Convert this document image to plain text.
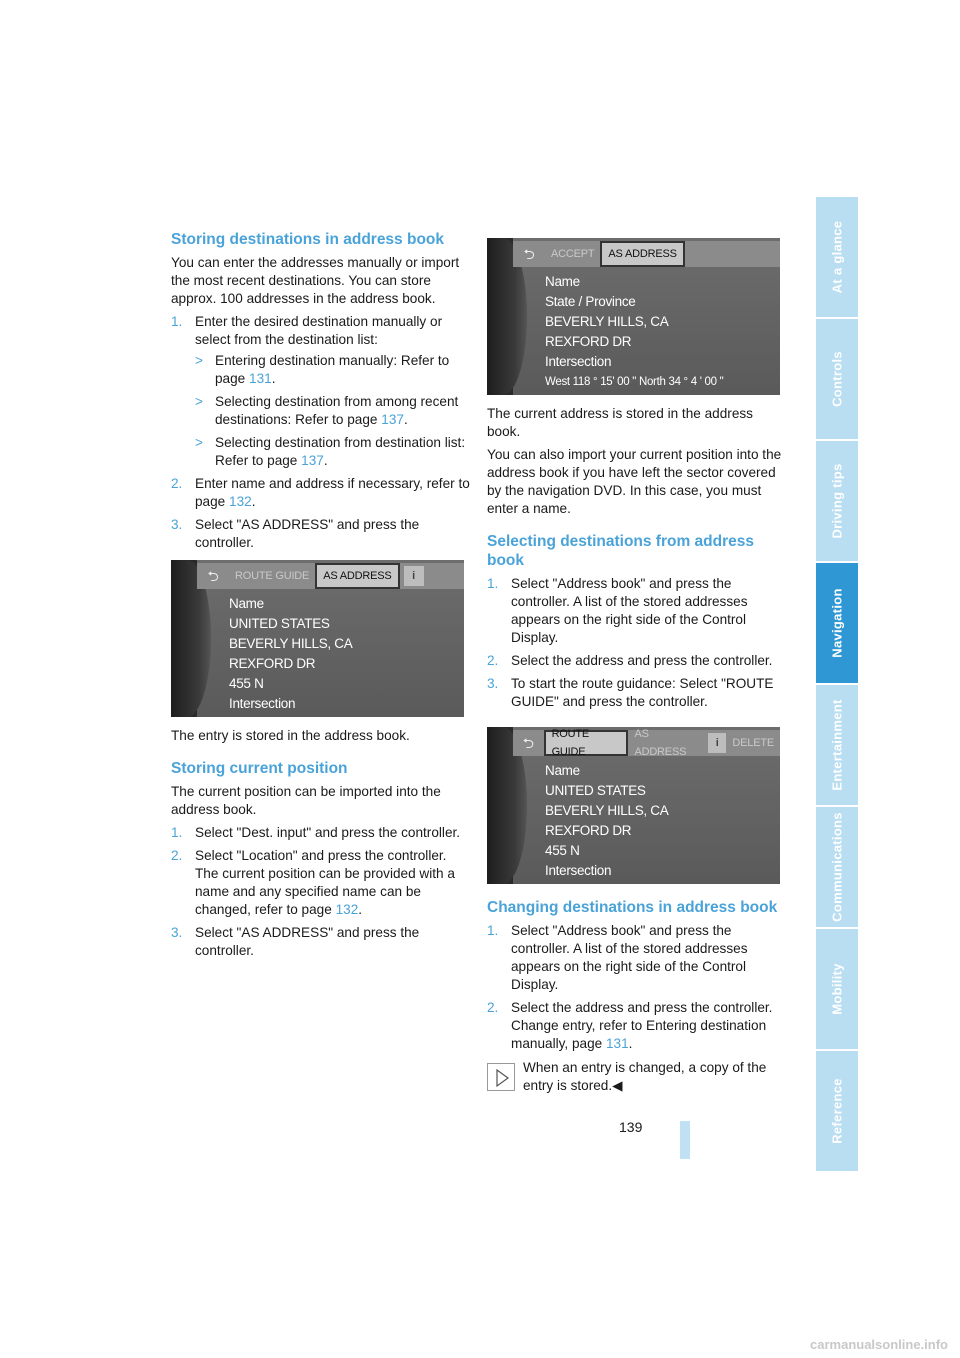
Storing destinations in address book

You can enter the addresses manually or import the most recent destinations. You can store approx. 100 addresses in the address book.

1. Enter the desired destination manually or select from the destination list:
> Entering destination manually: Refer to page 131.
> Selecting destination from among recent destinations: Refer to page 137.
> Selecting destination from destination list: Refer to page 137.
2. Enter name and address if necessary, refer to page 132.
3. Select "AS ADDRESS" and press the controller.
⮌	ROUTE GUIDE	AS ADDRESS	i
Name
UNITED STATES
BEVERLY HILLS, CA
REXFORD DR
455 N
Intersection

The entry is stored in the address book.

Storing current position

The current position can be imported into the address book.

1. Select "Dest. input" and press the controller.
2. Select "Location" and press the controller. The current position can be provided with a name and any specified name can be changed, refer to page 132.
3. Select "AS ADDRESS" and press the controller.
⮌	ACCEPT	AS ADDRESS
Name
State / Province
BEVERLY HILLS, CA
REXFORD DR
Intersection
West 118 ° 15' 00 " North 34 ° 4 ' 00 "

The current address is stored in the address book.

You can also import your current position into the address book if you have left the sector covered by the navigation DVD. In this case, you must enter a name.

Selecting destinations from address book
1. Select "Address book" and press the controller. A list of the stored addresses appears on the right side of the Control Display.
2. Select the address and press the controller.
3. To start the route guidance: Select "ROUTE GUIDE" and press the controller.
⮌
ROUTE GUIDE
AS ADDRESS
i	DELETE
Name
UNITED STATES
BEVERLY HILLS, CA
REXFORD DR
455 N
Intersection
Changing destinations in address book
1. Select "Address book" and press the controller. A list of the stored addresses appears on the right side of the Control Display.
2. Select the address and press the controller. Change entry, refer to Entering destination manually, page 131.
When an entry is changed, a copy of the entry is stored.◀
139
At a glance
Controls
Driving tips
Navigation
Entertainment
Communications
Mobility
Reference
carmanualsonline.info
